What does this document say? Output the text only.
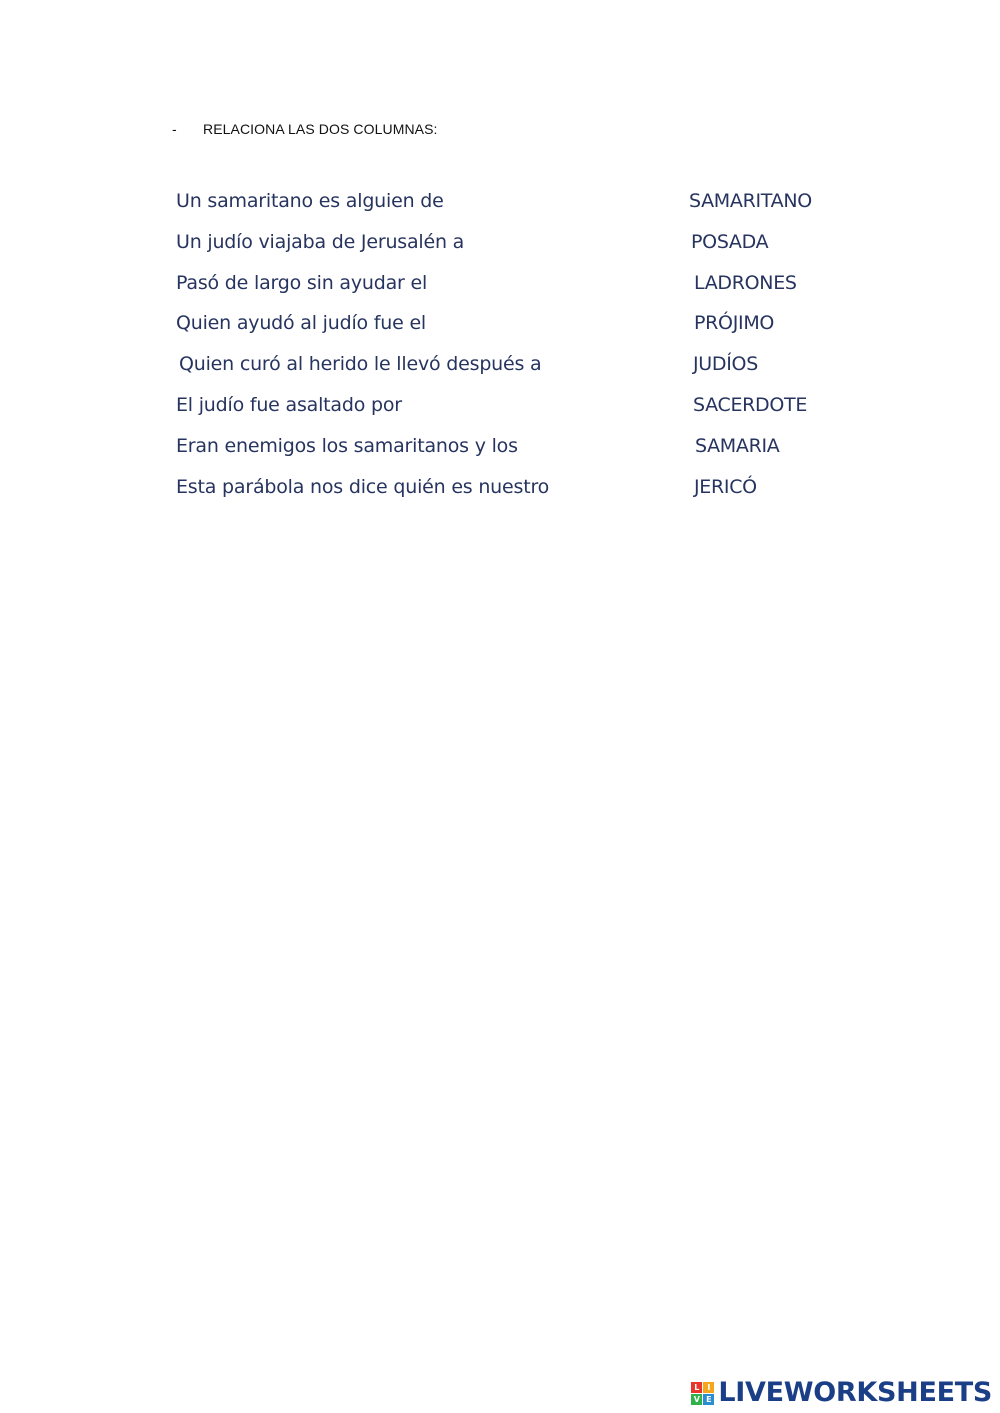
- RELACIONA LAS DOS COLUMNAS:
Un samaritano es alguien de	SAMARITANO
Un judío viajaba de Jerusalén a	POSADA
Pasó de largo sin ayudar el	LADRONES
Quien ayudó al judío fue el	PRÓJIMO
Quien curó al herido le llevó después a	JUDÍOS
El judío fue asaltado por	SACERDOTE
Eran enemigos los samaritanos y los	SAMARIA
Esta parábola nos dice quién es nuestro	JERICÓ
L I
V E LIVEWORKSHEETS
